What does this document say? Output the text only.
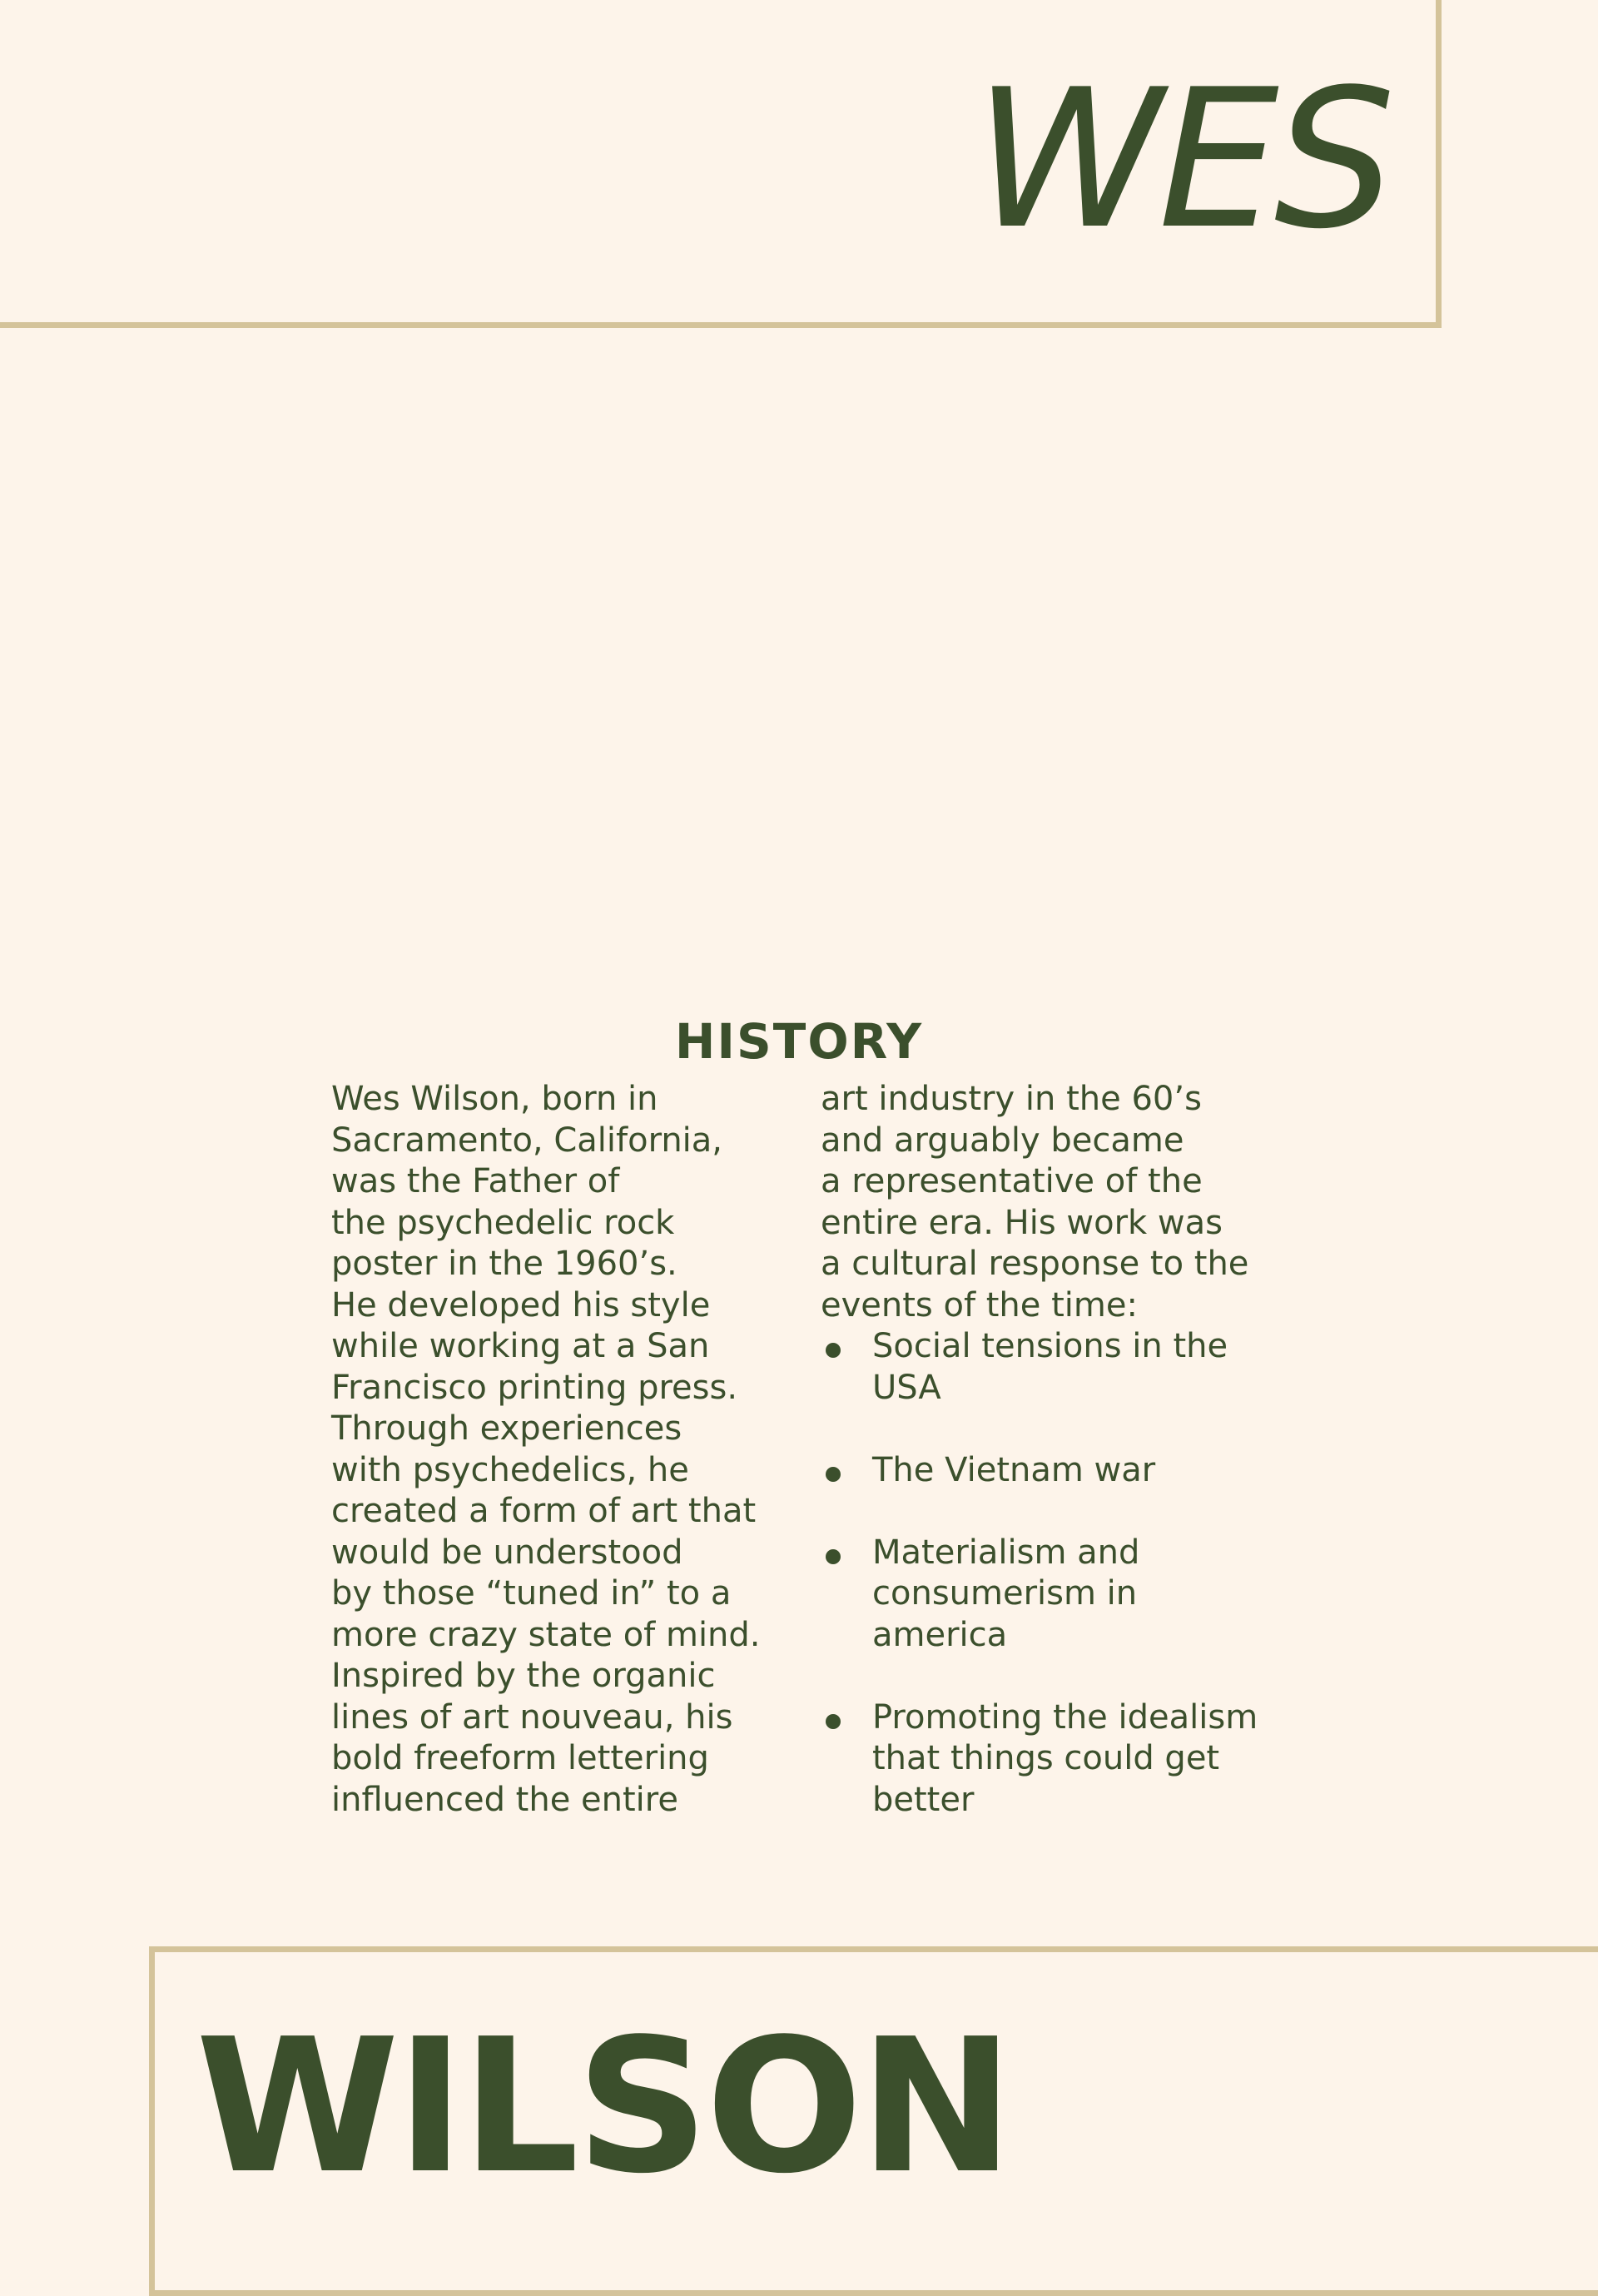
WES
HISTORY
Wes Wilson, born in
Sacramento, California,
was the Father of
the psychedelic rock
poster in the 1960’s.
He developed his style
while working at a San
Francisco printing press.
Through experiences
with psychedelics, he
created a form of art that
would be understood
by those “tuned in” to a
more crazy state of mind.
Inspired by the organic
lines of art nouveau, his
bold freeform lettering
influenced the entire
art industry in the 60’s
and arguably became
a representative of the
entire era. His work was
a cultural response to the
events of the time:
Social tensions in the
USA
The Vietnam war
Materialism and
consumerism in
america
Promoting the idealism
that things could get
better
WILSON
